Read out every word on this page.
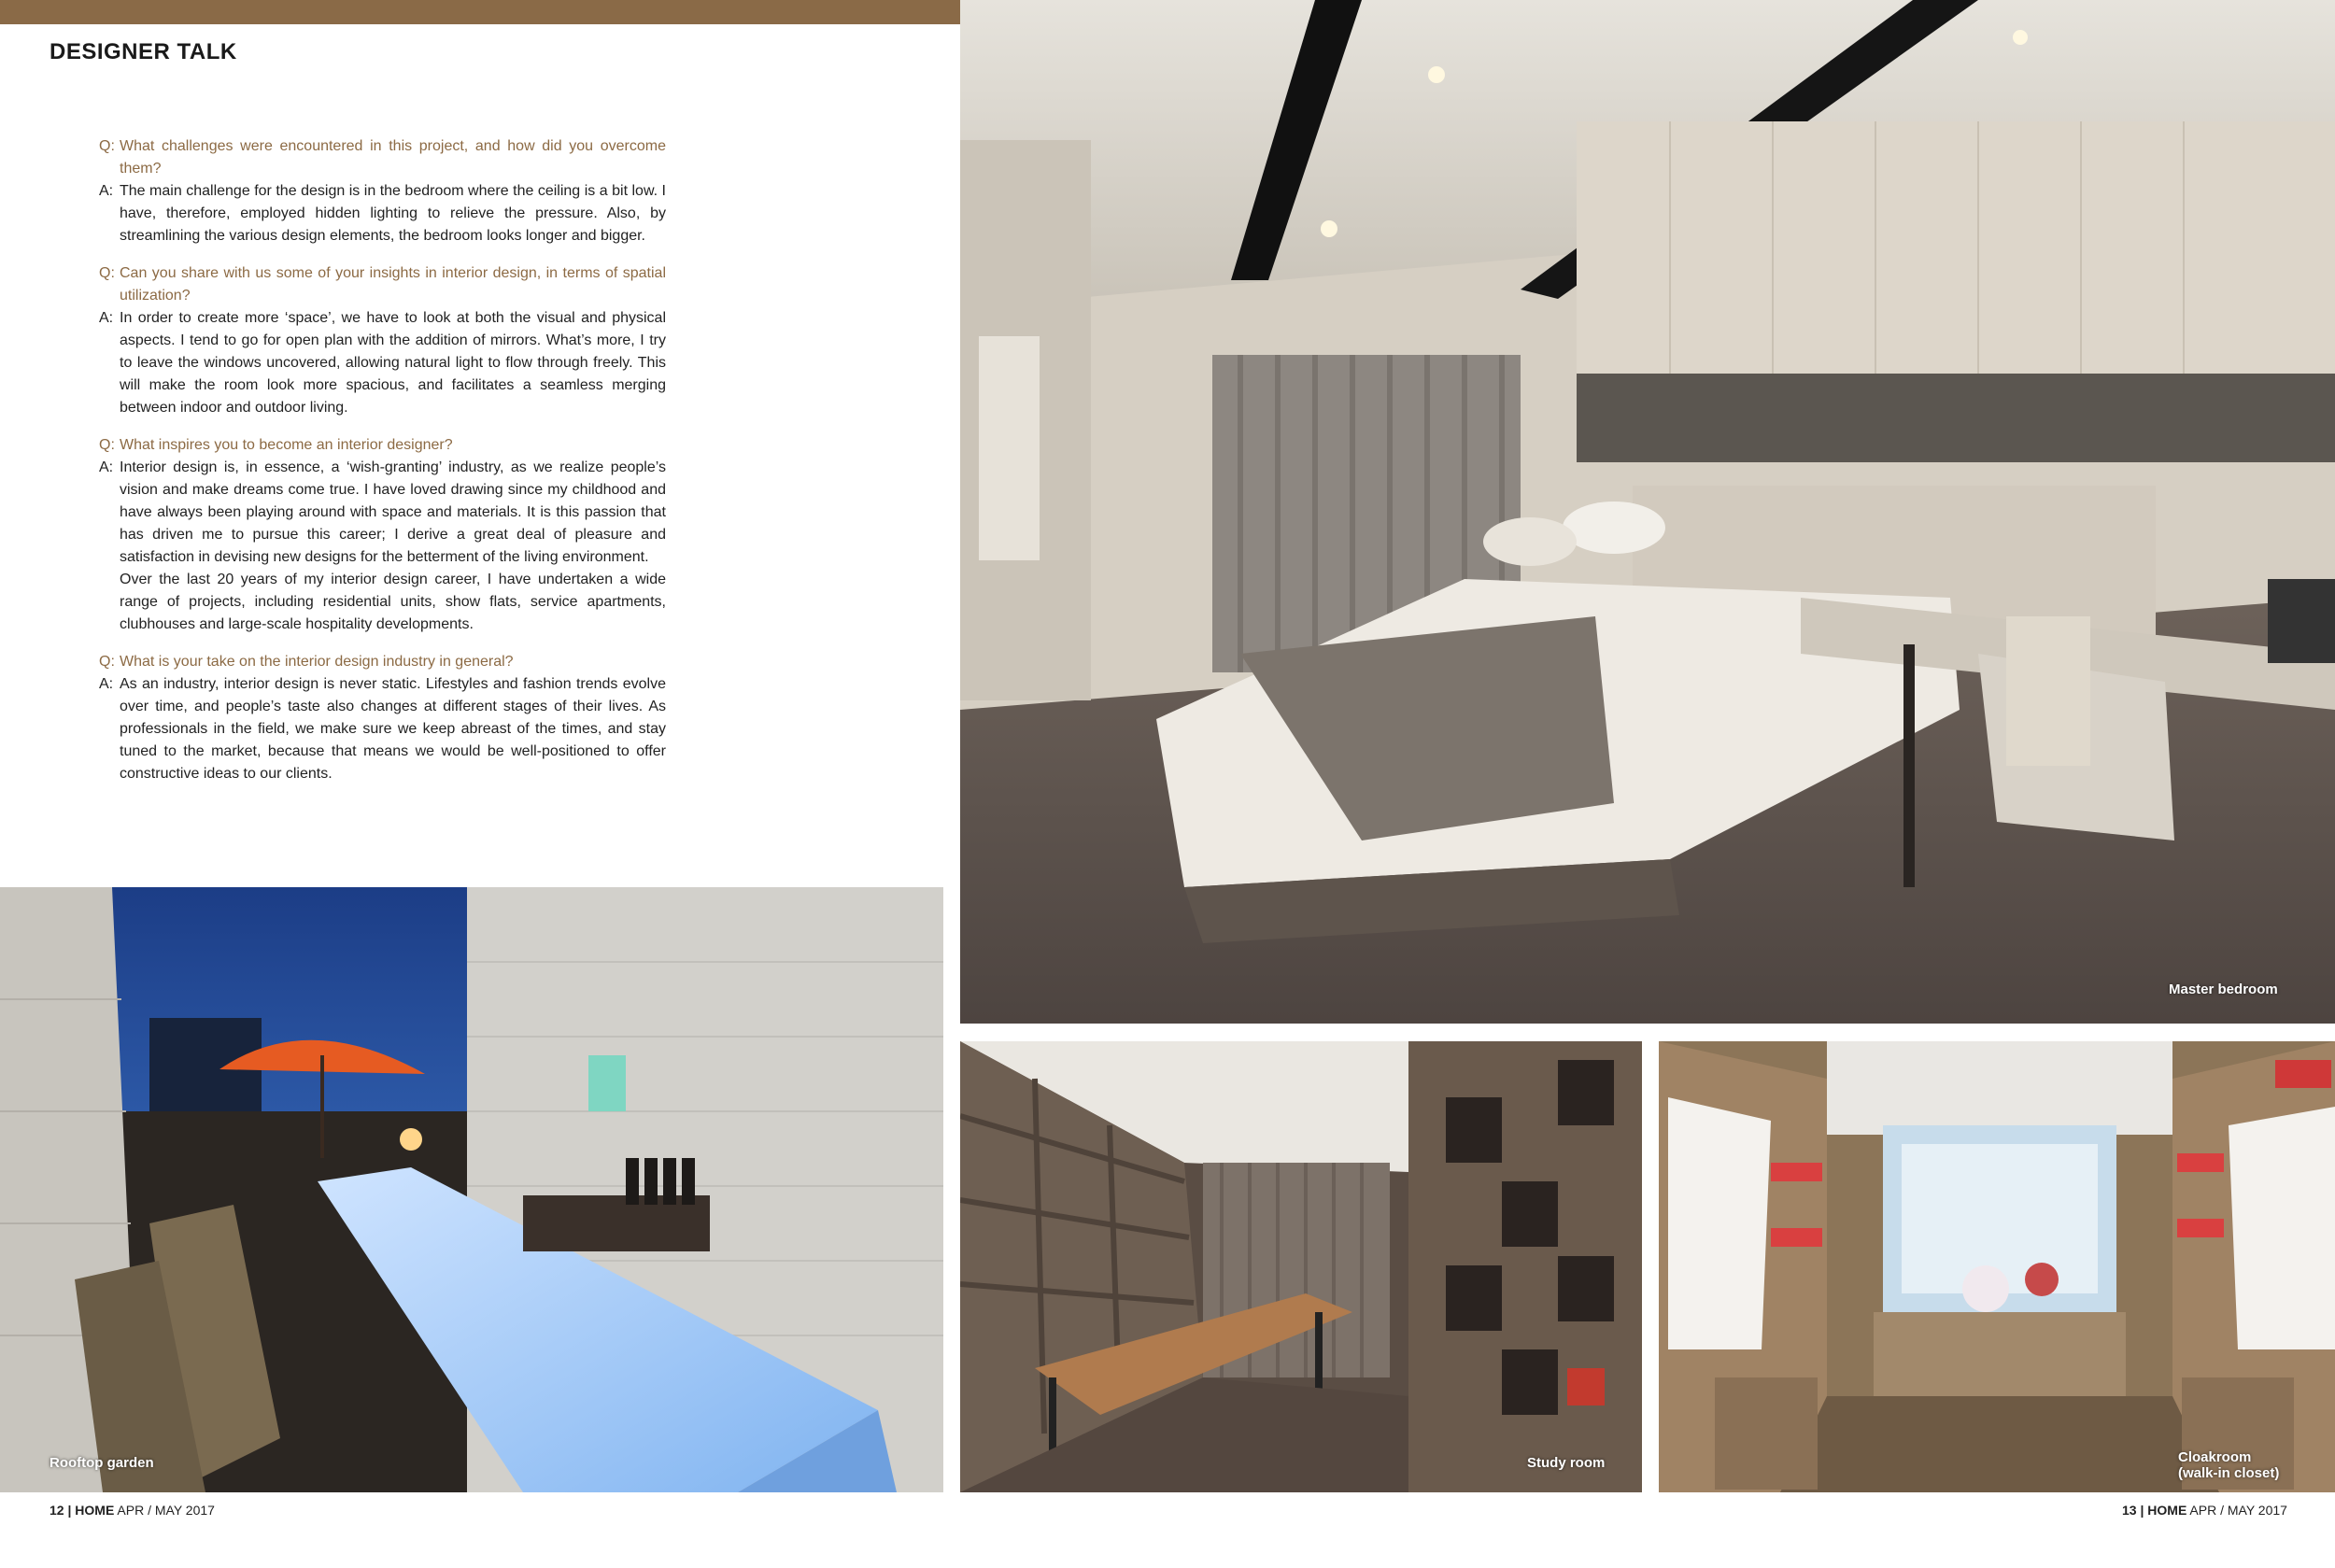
DESIGNER TALK

Q: What challenges were encountered in this project, and how did you overcome them?

A: The main challenge for the design is in the bedroom where the ceiling is a bit low. I have, therefore, employed hidden lighting to relieve the pressure. Also, by streamlining the various design elements, the bedroom looks longer and bigger.

Q: Can you share with us some of your insights in interior design, in terms of spatial utilization?

A: In order to create more ‘space’, we have to look at both the visual and physical aspects. I tend to go for open plan with the addition of mirrors. What’s more, I try to leave the windows uncovered, allowing natural light to flow through freely. This will make the room look more spacious, and facilitates a seamless merging between indoor and outdoor living.

Q: What inspires you to become an interior designer?

A: Interior design is, in essence, a ‘wish-granting’ industry, as we realize people’s vision and make dreams come true. I have loved drawing since my childhood and have always been playing around with space and materials. It is this passion that has driven me to pursue this career; I derive a great deal of pleasure and satisfaction in devising new designs for the betterment of the living environment.

Over the last 20 years of my interior design career, I have undertaken a wide range of projects, including residential units, show flats, service apartments, clubhouses and large-scale hospitality developments.

Q: What is your take on the interior design industry in general?

A: As an industry, interior design is never static. Lifestyles and fashion trends evolve over time, and people’s taste also changes at different stages of their lives. As professionals in the field, we make sure we keep abreast of the times, and stay tuned to the market, because that means we would be well-positioned to offer constructive ideas to our clients.

Master bedroom
Rooftop garden	Study room	Cloakroom
(walk-in closet)
12 | HOME APR / MAY 2017	13 | HOME APR / MAY 2017
